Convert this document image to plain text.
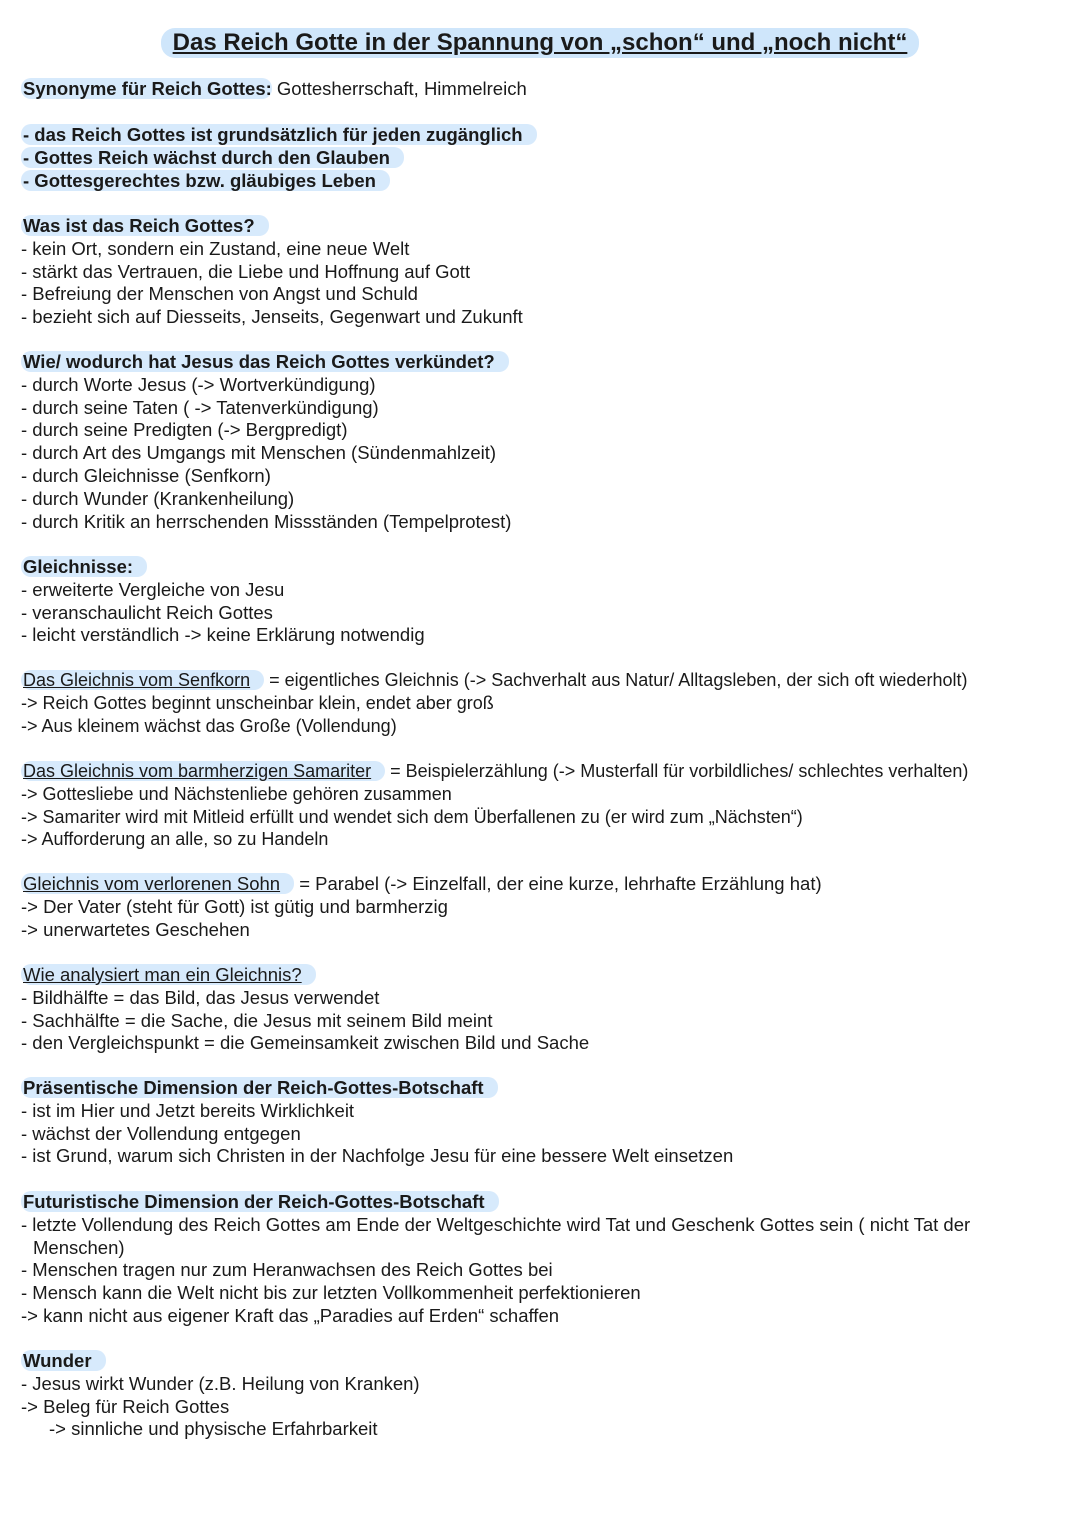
Das Reich Gotte in der Spannung von „schon“ und „noch nicht“
Synonyme für Reich Gottes: Gottesherrschaft, Himmelreich
- das Reich Gottes ist grundsätzlich für jeden zugänglich
- Gottes Reich wächst durch den Glauben
- Gottesgerechtes bzw. gläubiges Leben
Was ist das Reich Gottes?
- kein Ort, sondern ein Zustand, eine neue Welt
- stärkt das Vertrauen, die Liebe und Hoffnung auf Gott
- Befreiung der Menschen von Angst und Schuld
- bezieht sich auf Diesseits, Jenseits, Gegenwart und Zukunft
Wie/ wodurch hat Jesus das Reich Gottes verkündet?
- durch Worte Jesus (-> Wortverkündigung)
- durch seine Taten ( -> Tatenverkündigung)
- durch seine Predigten (-> Bergpredigt)
- durch Art des Umgangs mit Menschen (Sündenmahlzeit)
- durch Gleichnisse (Senfkorn)
- durch Wunder (Krankenheilung)
- durch Kritik an herrschenden Missständen (Tempelprotest)
Gleichnisse:
- erweiterte Vergleiche von Jesu
- veranschaulicht Reich Gottes
- leicht verständlich -> keine Erklärung notwendig
Das Gleichnis vom Senfkorn = eigentliches Gleichnis (-> Sachverhalt aus Natur/ Alltagsleben, der sich oft wiederholt)
-> Reich Gottes beginnt unscheinbar klein, endet aber groß
-> Aus kleinem wächst das Große (Vollendung)
Das Gleichnis vom barmherzigen Samariter = Beispielerzählung (-> Musterfall für vorbildliches/ schlechtes verhalten)
-> Gottesliebe und Nächstenliebe gehören zusammen
-> Samariter wird mit Mitleid erfüllt und wendet sich dem Überfallenen zu (er wird zum „Nächsten“)
-> Aufforderung an alle, so zu Handeln
Gleichnis vom verlorenen Sohn = Parabel (-> Einzelfall, der eine kurze, lehrhafte Erzählung hat)
-> Der Vater (steht für Gott) ist gütig und barmherzig
-> unerwartetes Geschehen
Wie analysiert man ein Gleichnis?
- Bildhälfte = das Bild, das Jesus verwendet
- Sachhälfte = die Sache, die Jesus mit seinem Bild meint
- den Vergleichspunkt = die Gemeinsamkeit zwischen Bild und Sache
Präsentische Dimension der Reich-Gottes-Botschaft
- ist im Hier und Jetzt bereits Wirklichkeit
- wächst der Vollendung entgegen
- ist Grund, warum sich Christen in der Nachfolge Jesu für eine bessere Welt einsetzen
Futuristische Dimension der Reich-Gottes-Botschaft
- letzte Vollendung des Reich Gottes am Ende der Weltgeschichte wird Tat und Geschenk Gottes sein ( nicht Tat der Menschen)
- Menschen tragen nur zum Heranwachsen des Reich Gottes bei
- Mensch kann die Welt nicht bis zur letzten Vollkommenheit perfektionieren
-> kann nicht aus eigener Kraft das „Paradies auf Erden“ schaffen
Wunder
- Jesus wirkt Wunder (z.B. Heilung von Kranken)
-> Beleg für Reich Gottes
-> sinnliche und physische Erfahrbarkeit
